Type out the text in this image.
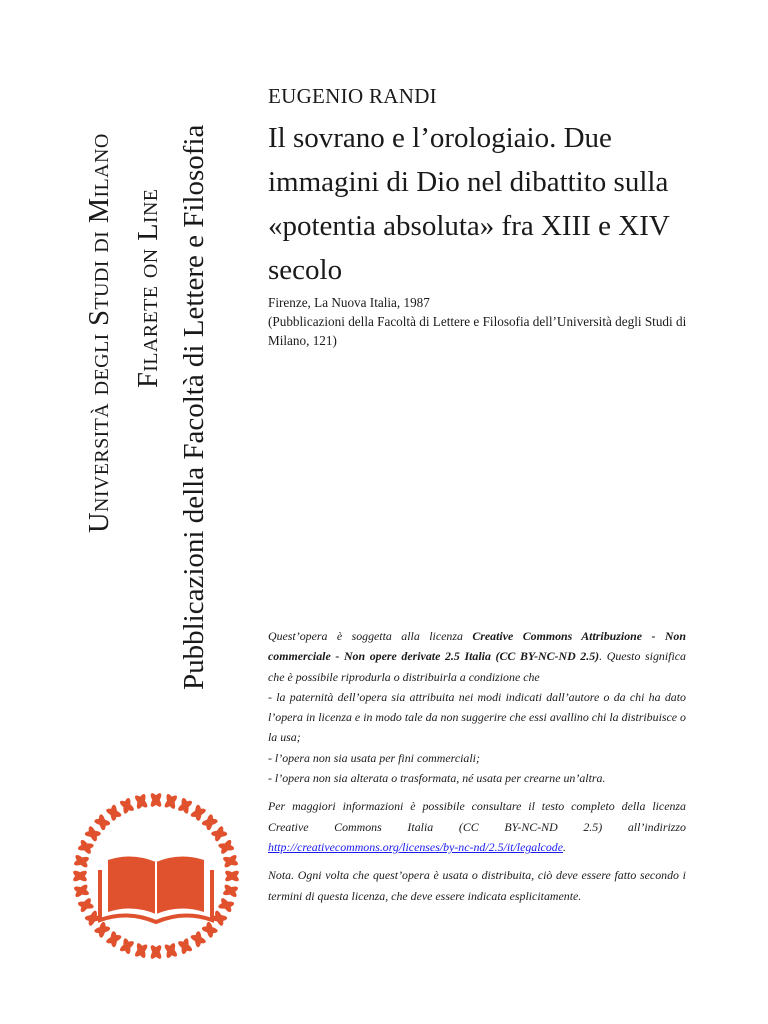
Università degli Studi di Milano Filarete on Line Pubblicazioni della Facoltà di Lettere e Filosofia
EUGENIO RANDI
Il sovrano e l’orologiaio. Due immagini di Dio nel dibattito sulla «potentia absoluta» fra XIII e XIV secolo
Firenze, La Nuova Italia, 1987
(Pubblicazioni della Facoltà di Lettere e Filosofia dell’Università degli Studi di Milano, 121)

Quest’opera è soggetta alla licenza Creative Commons Attribuzione - Non commerciale - Non opere derivate 2.5 Italia (CC BY-NC-ND 2.5). Questo significa che è possibile riprodurla o distribuirla a condizione che

- la paternità dell’opera sia attribuita nei modi indicati dall’autore o da chi ha dato l’opera in licenza e in modo tale da non suggerire che essi avallino chi la distribuisce o la usa;

- l’opera non sia usata per fini commerciali;

- l’opera non sia alterata o trasformata, né usata per crearne un’altra.

Per maggiori informazioni è possibile consultare il testo completo della licenza Creative Commons Italia (CC BY-NC-ND 2.5) all’indirizzo http://creativecommons.org/licenses/by-nc-nd/2.5/it/legalcode.

Nota. Ogni volta che quest’opera è usata o distribuita, ciò deve essere fatto secondo i termini di questa licenza, che deve essere indicata esplicitamente.
